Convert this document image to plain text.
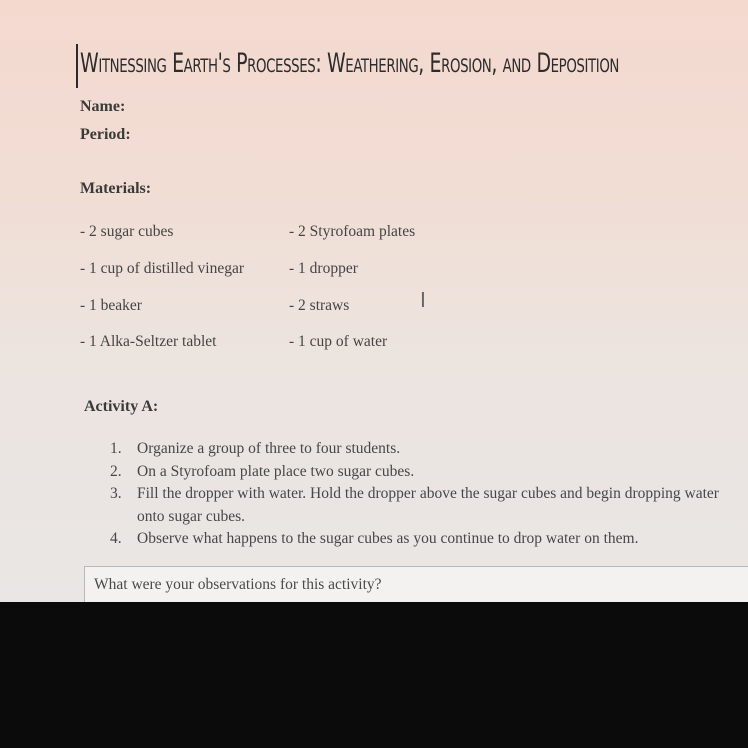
Witnessing Earth's Processes: Weathering, Erosion, and Deposition
Name:
Period:
Materials:
- 2 sugar cubes
- 1 cup of distilled vinegar
- 1 beaker
- 1 Alka-Seltzer tablet
- 2 Styrofoam plates
- 1 dropper
- 2 straws
- 1 cup of water
I
Activity A:
1. Organize a group of three to four students.
2. On a Styrofoam plate place two sugar cubes.
3. Fill the dropper with water. Hold the dropper above the sugar cubes and begin dropping water onto sugar cubes.
4. Observe what happens to the sugar cubes as you continue to drop water on them.
What were your observations for this activity?
